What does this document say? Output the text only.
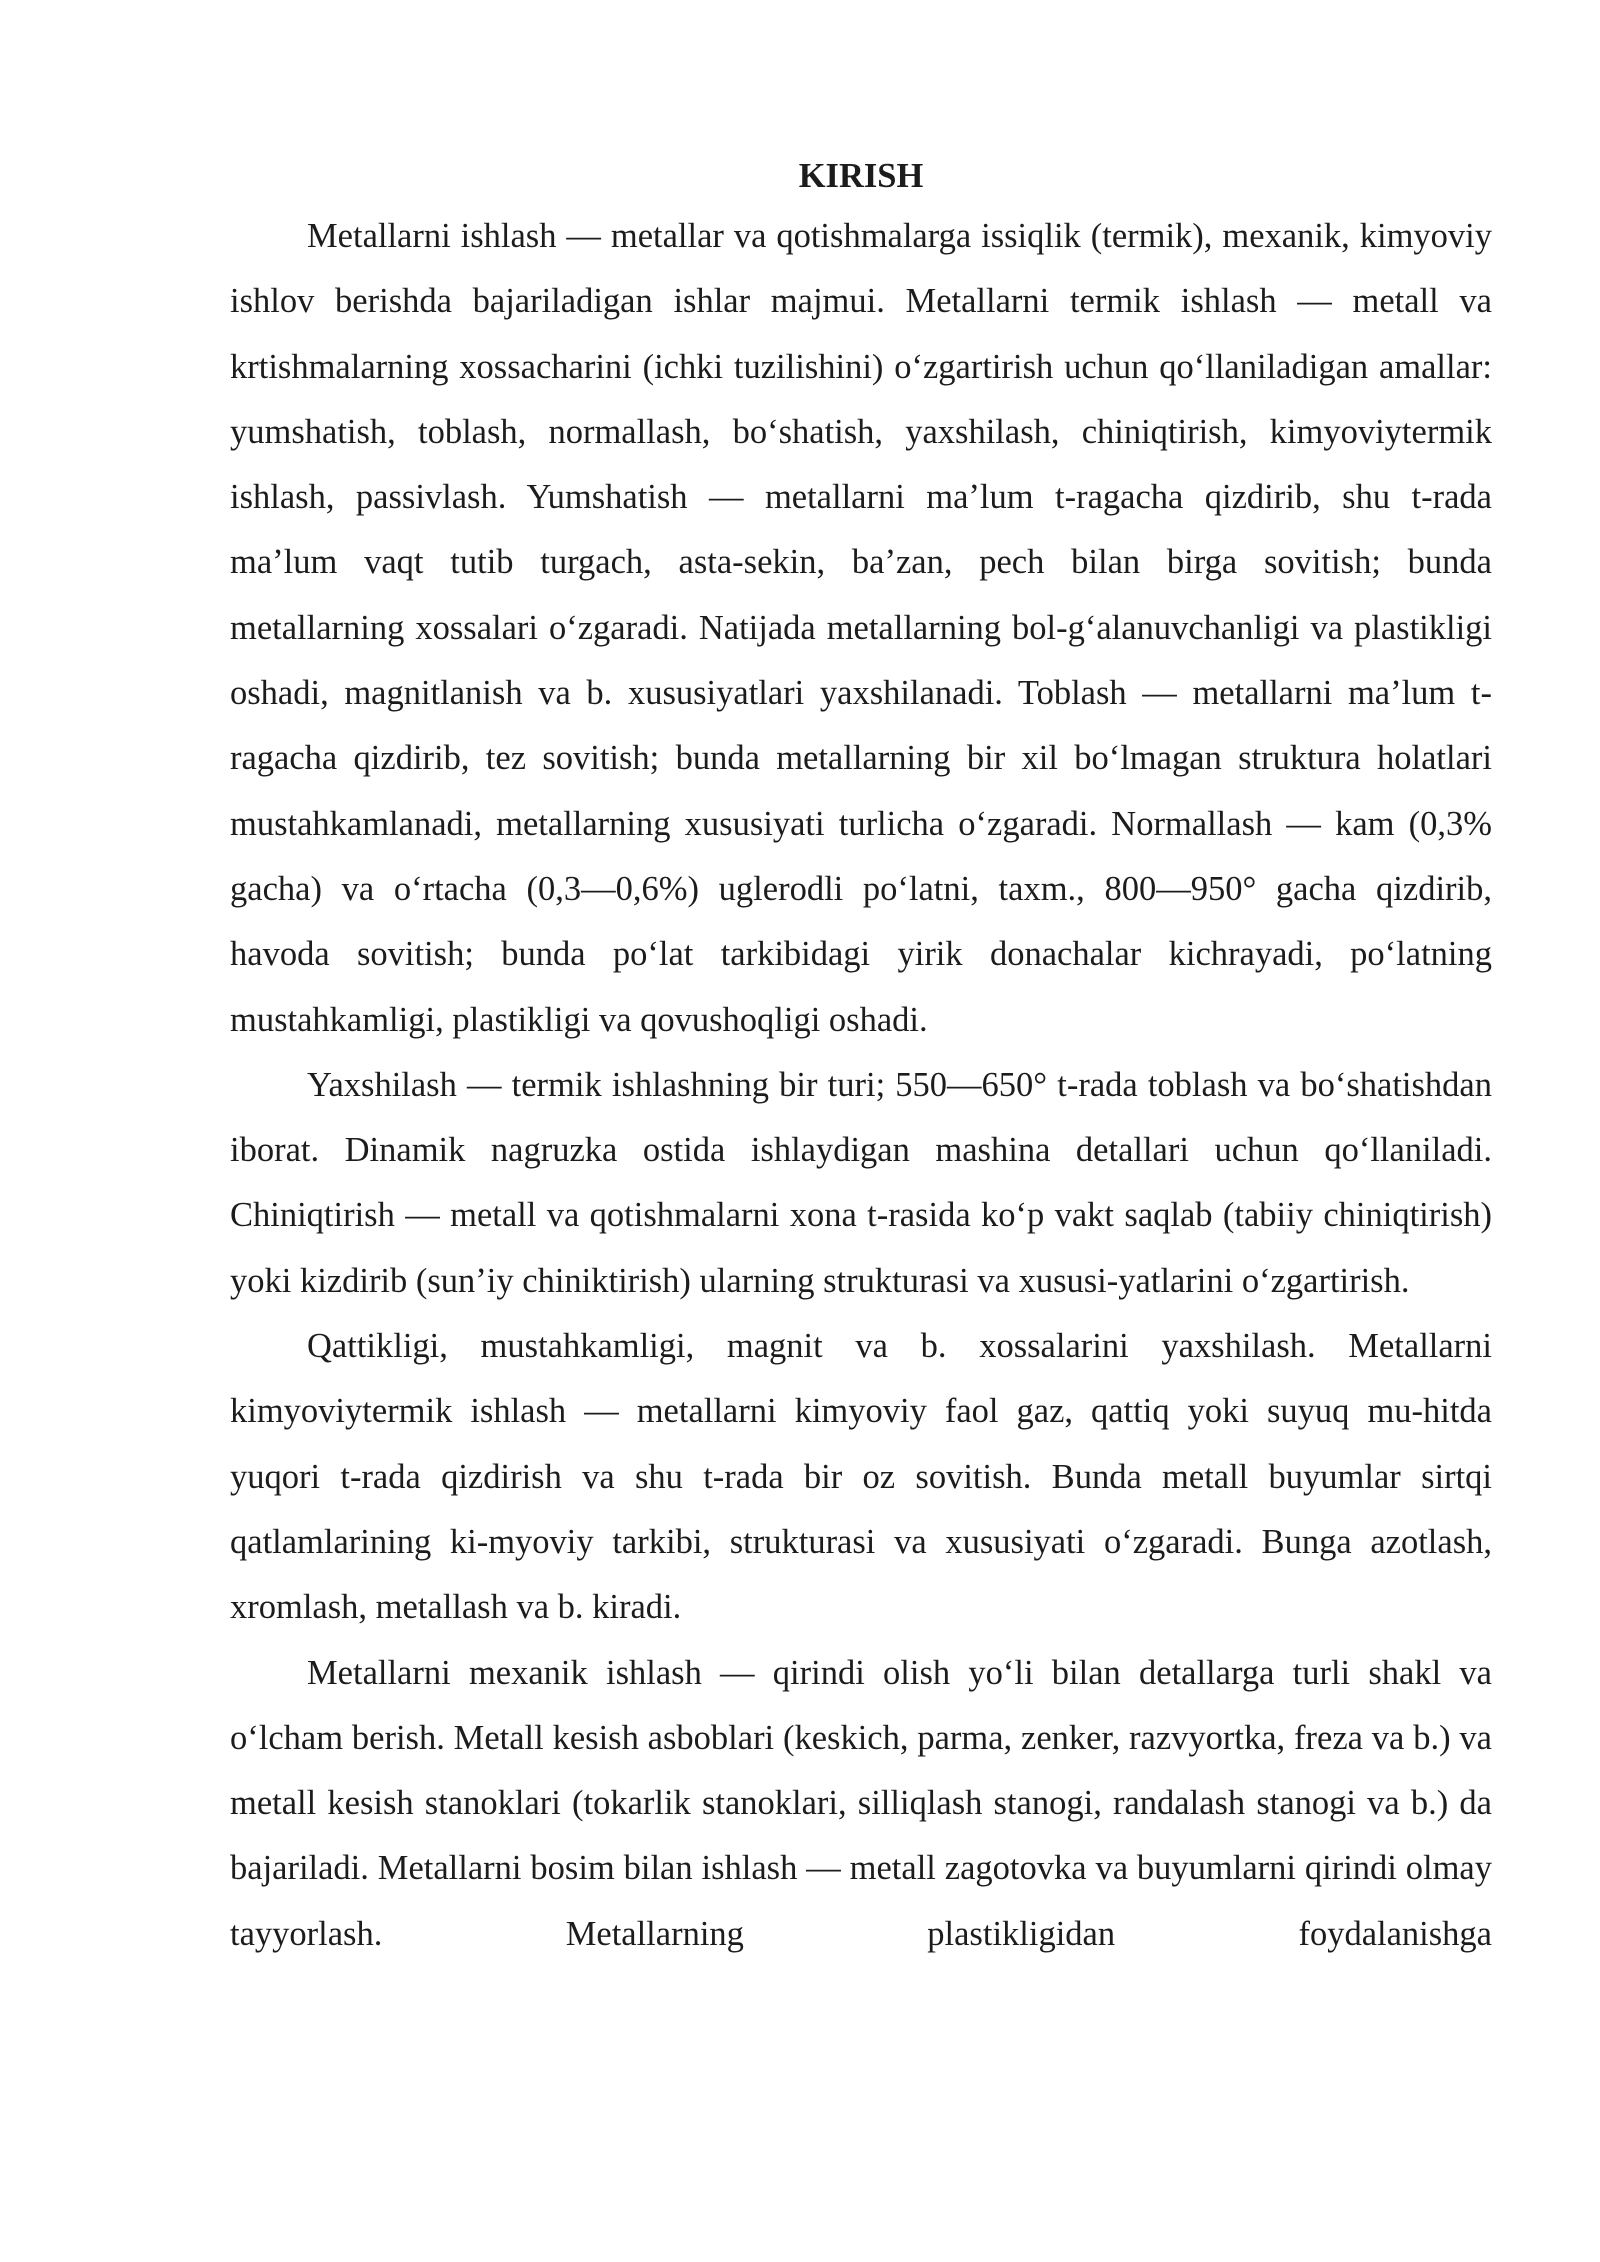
KIRISH

Metallarni ishlash — metallar va qotishmalarga issiqlik (termik), mexanik, kimyoviy ishlov berishda bajariladigan ishlar majmui. Metallarni termik ishlash — metall va krtishmalarning xossacharini (ichki tuzilishini) oʻzgartirish uchun qoʻllaniladigan amallar: yumshatish, toblash, normallash, boʻshatish, yaxshilash, chiniqtirish, kimyoviytermik ishlash, passivlash. Yumshatish — metallarni maʼlum t-ragacha qizdirib, shu t-rada maʼlum vaqt tutib turgach, asta-sekin, baʼzan, pech bilan birga sovitish; bunda metallarning xossalari oʻzgaradi. Natijada metallarning bol-gʻalanuvchanligi va plastikligi oshadi, magnitlanish va b. xususiyatlari yaxshilanadi. Toblash — metallarni maʼlum t-ragacha qizdirib, tez sovitish; bunda metallarning bir xil boʻlmagan struktura holatlari mustahkamlanadi, metallarning xususiyati turlicha oʻzgaradi. Normallash — kam (0,3% gacha) va oʻrtacha (0,3—0,6%) uglerodli poʻlatni, taxm., 800—950° gacha qizdirib, havoda sovitish; bunda poʻlat tarkibidagi yirik donachalar kichrayadi, poʻlatning mustahkamligi, plastikligi va qovushoqligi oshadi.

Yaxshilash — termik ishlashning bir turi; 550—650° t-rada toblash va boʻshatishdan iborat. Dinamik nagruzka ostida ishlaydigan mashina detallari uchun qoʻllaniladi. Chiniqtirish — metall va qotishmalarni xona t-rasida koʻp vakt saqlab (tabiiy chiniqtirish) yoki kizdirib (sunʼiy chiniktirish) ularning strukturasi va xususi-yatlarini oʻzgartirish.

Qattikligi, mustahkamligi, magnit va b. xossalarini yaxshilash. Metallarni kimyoviytermik ishlash — metallarni kimyoviy faol gaz, qattiq yoki suyuq mu-hitda yuqori t-rada qizdirish va shu t-rada bir oz sovitish. Bunda metall buyumlar sirtqi qatlamlarining ki-myoviy tarkibi, strukturasi va xususiyati oʻzgaradi. Bunga azotlash, xromlash, metallash va b. kiradi.

Metallarni mexanik ishlash — qirindi olish yoʻli bilan detallarga turli shakl va oʻlcham berish. Metall kesish asboblari (keskich, parma, zenker, razvyortka, freza va b.) va metall kesish stanoklari (tokarlik stanoklari, silliqlash stanogi, randalash stanogi va b.) da bajariladi. Metallarni bosim bilan ishlash — metall zagotovka va buyumlarni qirindi olmay tayyorlash. Metallarning plastikligidan foydalanishga
